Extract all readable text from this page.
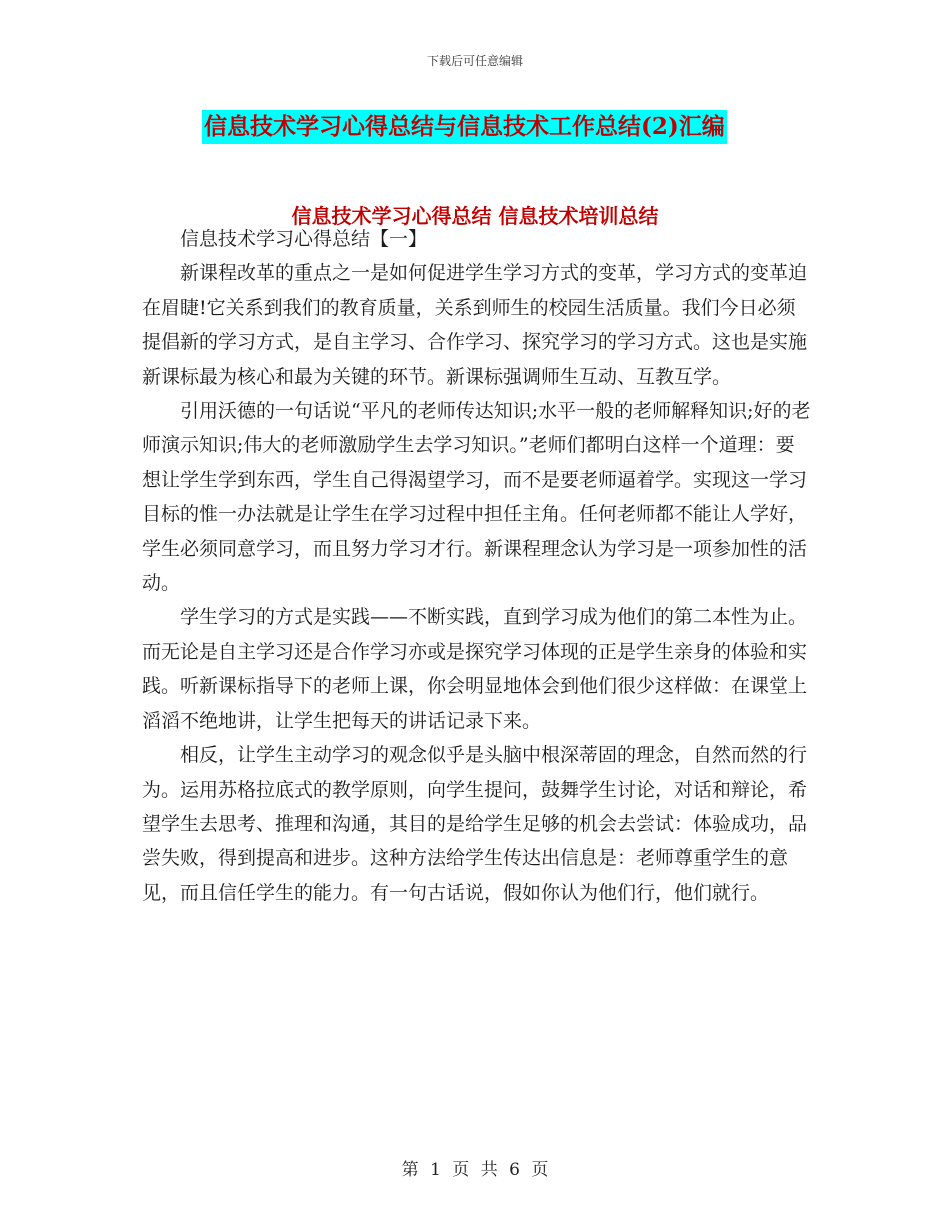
下载后可任意编辑
信息技术学习心得总结与信息技术工作总结(2)汇编
信息技术学习心得总结 信息技术培训总结

信息技术学习心得总结【一】

新课程改革的重点之一是如何促进学生学习方式的变革，学习方式的变革迫在眉睫!它关系到我们的教育质量，关系到师生的校园生活质量。我们今日必须提倡新的学习方式，是自主学习、合作学习、探究学习的学习方式。这也是实施新课标最为核心和最为关键的环节。新课标强调师生互动、互教互学。

引用沃德的一句话说“平凡的老师传达知识;水平一般的老师解释知识;好的老师演示知识;伟大的老师激励学生去学习知识。”老师们都明白这样一个道理：要想让学生学到东西，学生自己得渴望学习，而不是要老师逼着学。实现这一学习目标的惟一办法就是让学生在学习过程中担任主角。任何老师都不能让人学好，学生必须同意学习，而且努力学习才行。新课程理念认为学习是一项参加性的活动。

学生学习的方式是实践——不断实践，直到学习成为他们的第二本性为止。而无论是自主学习还是合作学习亦或是探究学习体现的正是学生亲身的体验和实践。听新课标指导下的老师上课，你会明显地体会到他们很少这样做：在课堂上滔滔不绝地讲，让学生把每天的讲话记录下来。

相反，让学生主动学习的观念似乎是头脑中根深蒂固的理念，自然而然的行为。运用苏格拉底式的教学原则，向学生提问，鼓舞学生讨论，对话和辩论，希望学生去思考、推理和沟通，其目的是给学生足够的机会去尝试：体验成功，品尝失败，得到提高和进步。这种方法给学生传达出信息是：老师尊重学生的意见，而且信任学生的能力。有一句古话说，假如你认为他们行，他们就行。

第 1 页 共 6 页
